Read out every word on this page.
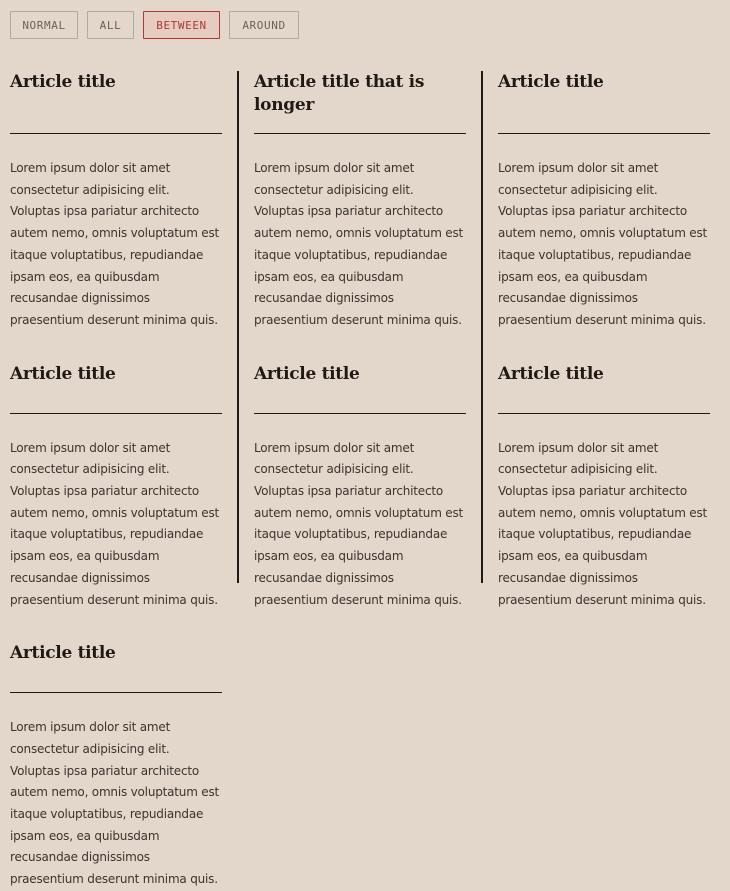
NORMAL	ALL	BETWEEN	AROUND
Article title

Lorem ipsum dolor sit amet consectetur adipisicing elit. Voluptas ipsa pariatur architecto autem nemo, omnis voluptatum est itaque voluptatibus, repudiandae ipsam eos, ea quibusdam recusandae dignissimos praesentium deserunt minima quis.

Article title

Lorem ipsum dolor sit amet consectetur adipisicing elit. Voluptas ipsa pariatur architecto autem nemo, omnis voluptatum est itaque voluptatibus, repudiandae ipsam eos, ea quibusdam recusandae dignissimos praesentium deserunt minima quis.

Article title

Lorem ipsum dolor sit amet consectetur adipisicing elit. Voluptas ipsa pariatur architecto autem nemo, omnis voluptatum est itaque voluptatibus, repudiandae ipsam eos, ea quibusdam recusandae dignissimos praesentium deserunt minima quis.

Article title that is longer

Lorem ipsum dolor sit amet consectetur adipisicing elit. Voluptas ipsa pariatur architecto autem nemo, omnis voluptatum est itaque voluptatibus, repudiandae ipsam eos, ea quibusdam recusandae dignissimos praesentium deserunt minima quis.

Article title

Lorem ipsum dolor sit amet consectetur adipisicing elit. Voluptas ipsa pariatur architecto autem nemo, omnis voluptatum est itaque voluptatibus, repudiandae ipsam eos, ea quibusdam recusandae dignissimos praesentium deserunt minima quis.

Article title

Lorem ipsum dolor sit amet consectetur adipisicing elit. Voluptas ipsa pariatur architecto autem nemo, omnis voluptatum est itaque voluptatibus, repudiandae ipsam eos, ea quibusdam recusandae dignissimos praesentium deserunt minima quis.

Article title

Lorem ipsum dolor sit amet consectetur adipisicing elit. Voluptas ipsa pariatur architecto autem nemo, omnis voluptatum est itaque voluptatibus, repudiandae ipsam eos, ea quibusdam recusandae dignissimos praesentium deserunt minima quis.
